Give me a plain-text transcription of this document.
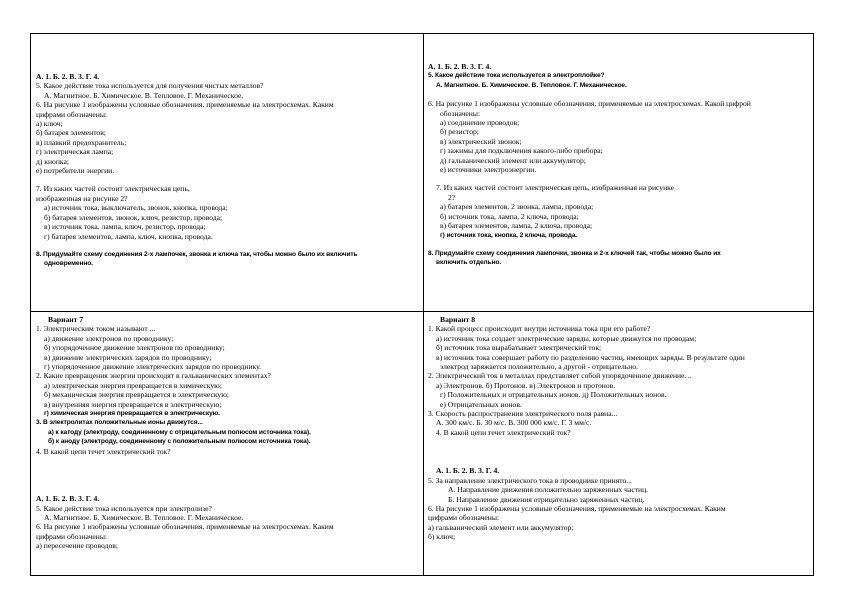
А. 1. Б. 2. В. 3. Г. 4.
5. Какое действие тока используется для получения чистых металлов?
А. Магнитное. Б. Химическое. В. Тепловое. Г. Механическое.
6. На рисунке 1 изображены условные обозначения, применяемые на электросхемах. Каким
цифрами обозначены:
а) ключ;
б) батарея элементов;
в) плавкий предохранитель;
г) электрическая лампа;
д) кнопка;
е) потребители энергии.
7. Из каких частей состоит электрическая цепь,
изображенная на рисунке 2?
а) источник тока, выключатель, звонок, кнопка, провода;
б) батарея элементов, звонок, ключ, резистор, провода;
в) источник тока, лампа, ключ, резистор, провода;
г) батарея элементов, лампа, ключ, кнопка, провода.
8. Придумайте схему соединения 2-х лампочек, звонка и ключа так, чтобы можно было их включить
одновременно.
А. 1. Б. 2. В. 3. Г. 4.
5. Какое действие тока используется в электроплойке?
А. Магнитное. Б. Химическое. В. Тепловое. Г. Механическое.
6. На рисунке 1 изображены условные обозначения, применяемые на электросхемах. Какой цифрой
обозначены:
а) соединение проводов;
б) резистор;
в) электрический звонок;
г) зажимы для подключения какого-либо прибора;
д) гальванический элемент или аккумулятор;
е) источники электроэнергии.
7. Из каких частей состоит электрическая цепь, изображенная на рисунке
2?
а) батарея элементов, 2 звонка, лампа, провода;
б) источник тока, лампа, 2 ключа, провода;
в) батарея элементов, лампа, 2 ключа, провода;
г) источник тока, кнопка, 2 ключа, провода.
8. Придумайте схему соединения лампочки, звонка и 2-х ключей так, чтобы можно было их
включить отдельно.
Вариант 7
1. Электрическим током называют ...
а) движение электронов по проводнику;
б) упорядоченное движение электронов по проводнику;
в) движение электрических зарядов по проводнику;
г) упорядоченное движение электрических зарядов по проводнику.
2. Какие превращения энергии происходят в гальванических элементах?
а) электрическая энергия превращается в химическую;
б) механическая энергия превращается в электрическую;
в) внутренняя энергия превращается в электрическую;
г) химическая энергия превращается в электрическую.
3. В электролитах положительные ионы движутся...
а) к катоду (электроду, соединенному с отрицательным полюсом источника тока).
б) к аноду (электроду, соединенному с положительным полюсом источника тока).
4. В какой цепи течет электрический ток?
А. 1. Б. 2. В. 3. Г. 4.
5. Какое действие тока используется при электролизе?
А. Магнитное. Б. Химическое. В. Тепловое. Г. Механическое.
6. На рисунке 1 изображены условные обозначения, применяемые на электросхемах. Каким
цифрами обозначены:
а) пересечение проводов;
Вариант 8
1. Какой процесс происходит внутри источника тока при его работе?
а) источник тока создает электрические заряды, которые движутся по проводам;
б) источник тока вырабатывает электрический ток;
в) источник тока совершает работу по разделению частиц, имеющих заряды. В результате один
электрод заряжается положительно, а другой - отрицательно.
2. Электрический ток в металлах представляет собой упорядоченное движение…
а) Электронов. б) Протонов. в) Электронов и протонов.
г) Положительных и отрицательных ионов. д) Положительных ионов.
е) Отрицательных ионов.
3. Скорость распространения электрического поля равна...
А. 300 км/с. Б. 30 м/с. В. 300 000 км/с. Г. 3 мм/с.
4. В какой цепи течет электрический ток?
А. 1. Б. 2. В. 3. Г. 4.
5. За направление электрического тока в проводнике принято...
А. Направление движения положительно заряженных частиц.
Б. Направление движения отрицательно заряженных частиц.
6. На рисунке 1 изображены условные обозначения, применяемые на электросхемах. Каким
цифрами обозначены:
а) гальванический элемент или аккумулятор;
б) ключ;
